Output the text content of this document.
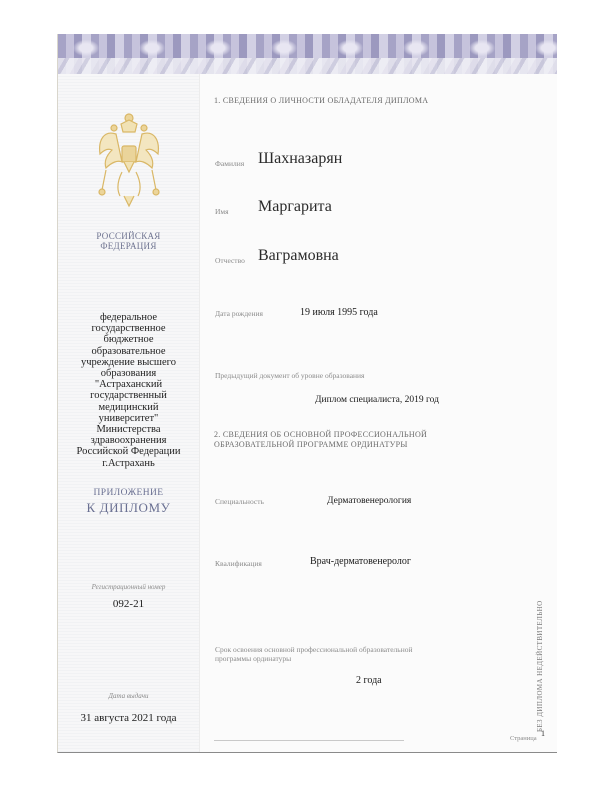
РОССИЙСКАЯ
ФЕДЕРАЦИЯ
федеральное
государственное
бюджетное
образовательное
учреждение высшего
образования
"Астраханский
государственный
медицинский
университет"
Министерства
здравоохранения
Российской Федерации
г.Астрахань
ПРИЛОЖЕНИЕ
К ДИПЛОМУ
Регистрационный номер
092-21
Дата выдачи
31 августа 2021 года
1. СВЕДЕНИЯ О ЛИЧНОСТИ ОБЛАДАТЕЛЯ ДИПЛОМА
Фамилия Шахназарян
Имя Маргарита
Отчество Ваграмовна
Дата рождения	19 июля 1995 года
Предыдущий документ об уровне образования
Диплом специалиста, 2019 год
2. СВЕДЕНИЯ ОБ ОСНОВНОЙ ПРОФЕССИОНАЛЬНОЙ
ОБРАЗОВАТЕЛЬНОЙ ПРОГРАММЕ ОРДИНАТУРЫ
Специальность	Дерматовенерология
Квалификация	Врач-дерматовенеролог
Срок освоения основной профессиональной образовательной
программы ординатуры
2 года	БЕЗ ДИПЛОМА НЕДЕЙСТВИТЕЛЬНО
Страница
1
